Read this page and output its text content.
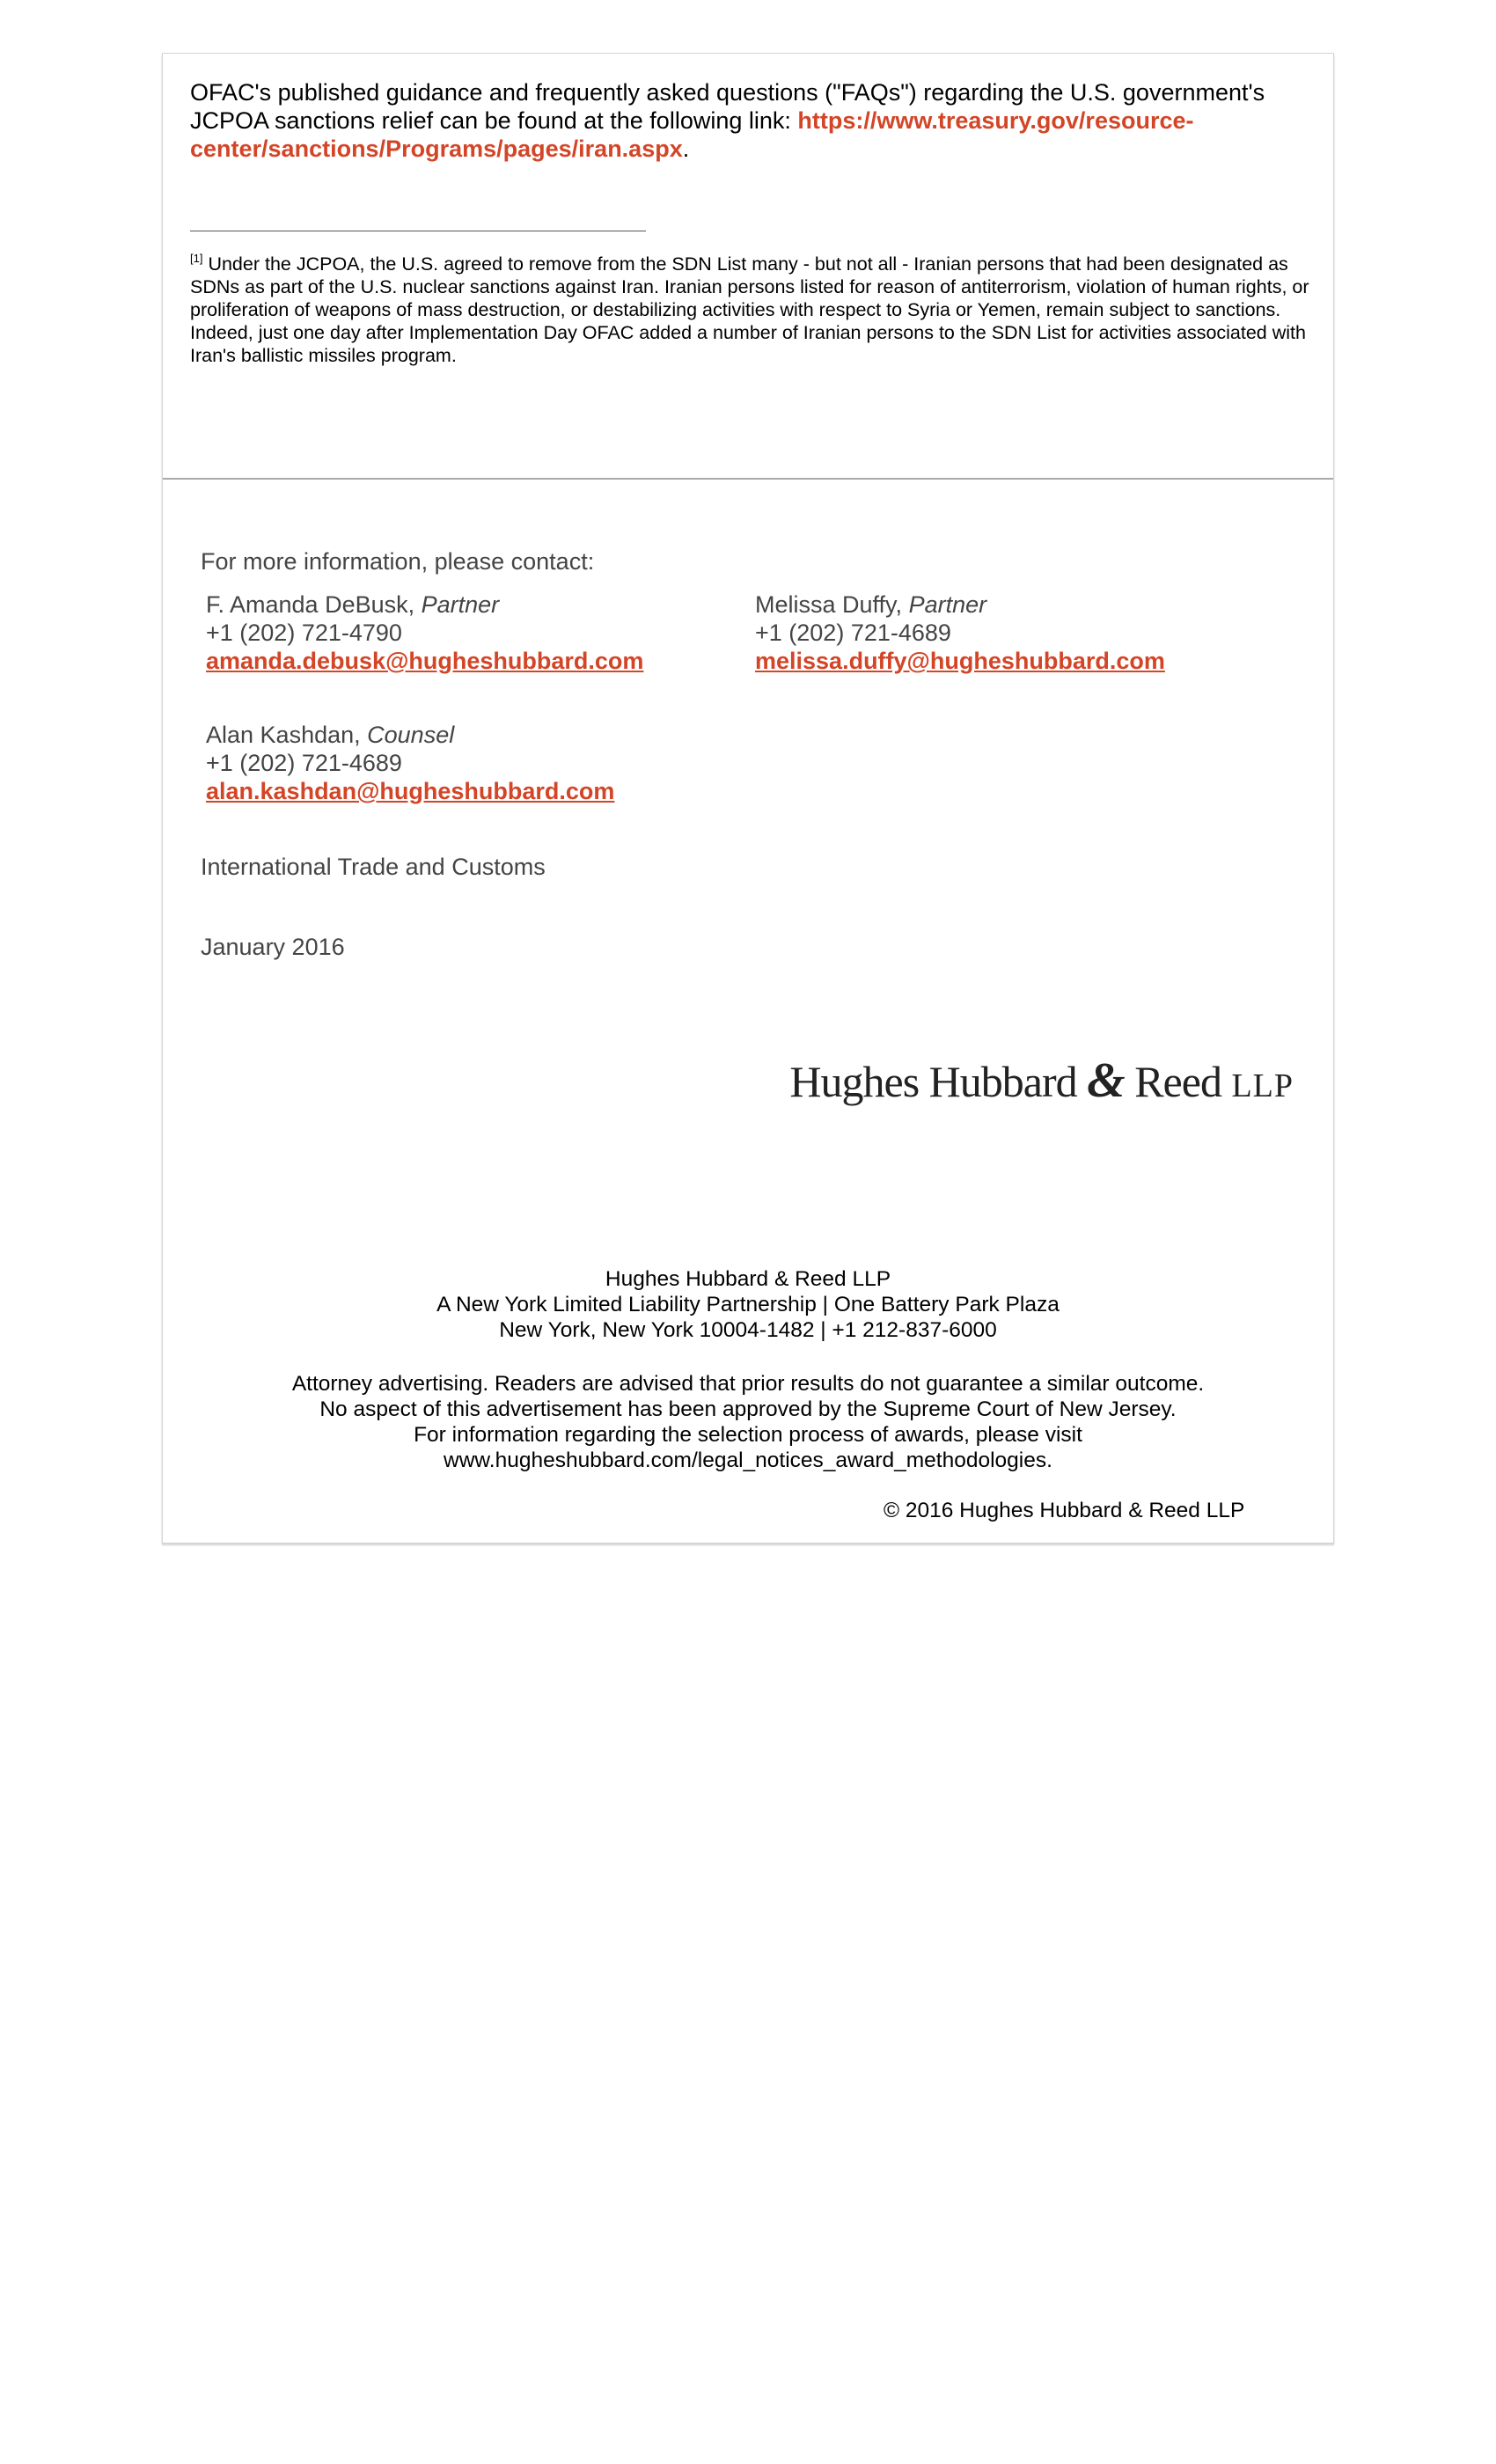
OFAC's published guidance and frequently asked questions ("FAQs") regarding the U.S. government's JCPOA sanctions relief can be found at the following link: https://www.treasury.gov/resource-center/sanctions/Programs/pages/iran.aspx.

[1] Under the JCPOA, the U.S. agreed to remove from the SDN List many - but not all - Iranian persons that had been designated as SDNs as part of the U.S. nuclear sanctions against Iran. Iranian persons listed for reason of antiterrorism, violation of human rights, or proliferation of weapons of mass destruction, or destabilizing activities with respect to Syria or Yemen, remain subject to sanctions. Indeed, just one day after Implementation Day OFAC added a number of Iranian persons to the SDN List for activities associated with Iran's ballistic missiles program.

For more information, please contact:

F. Amanda DeBusk, Partner
+1 (202) 721-4790
amanda.debusk@hugheshubbard.com
Melissa Duffy, Partner
+1 (202) 721-4689
melissa.duffy@hugheshubbard.com
Alan Kashdan, Counsel
+1 (202) 721-4689
alan.kashdan@hugheshubbard.com
International Trade and Customs
January 2016
Hughes Hubbard & Reed LLP
Hughes Hubbard & Reed LLP
A New York Limited Liability Partnership | One Battery Park Plaza
New York, New York 10004-1482 | +1 212-837-6000
Attorney advertising. Readers are advised that prior results do not guarantee a similar outcome.
No aspect of this advertisement has been approved by the Supreme Court of New Jersey.
For information regarding the selection process of awards, please visit
www.hugheshubbard.com/legal_notices_award_methodologies.
© 2016 Hughes Hubbard & Reed LLP
